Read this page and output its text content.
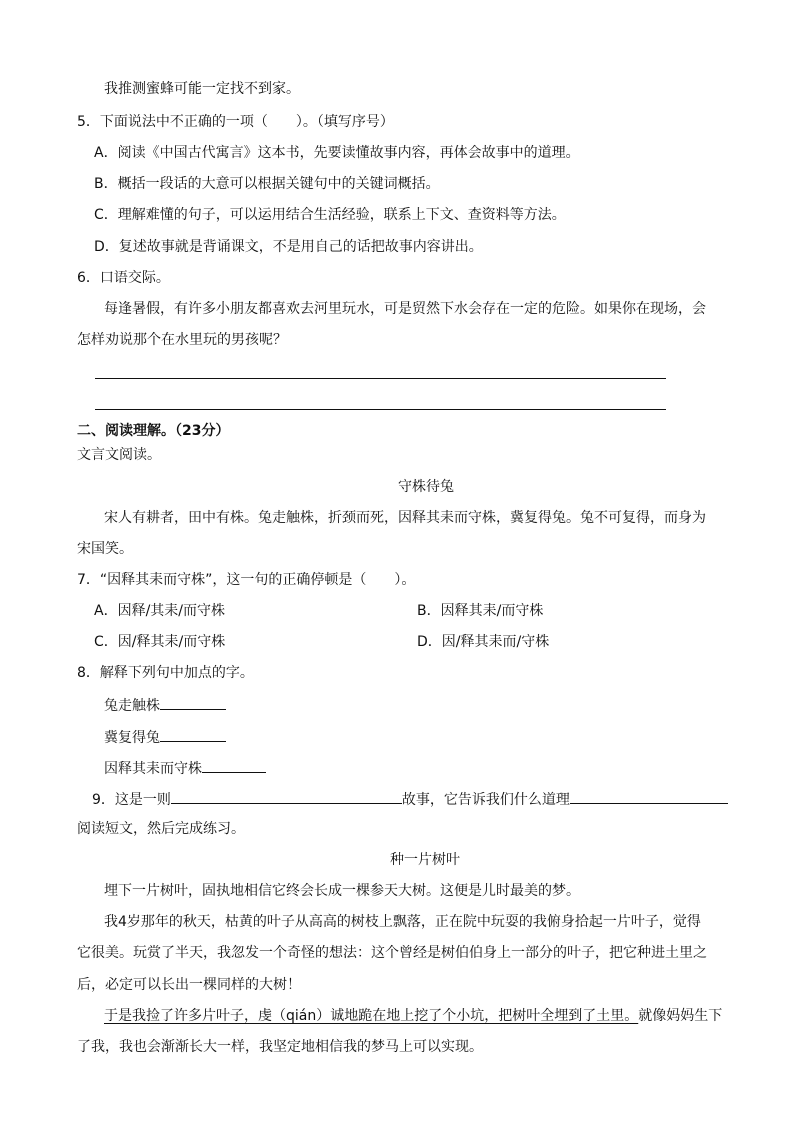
我推测蜜蜂可能一定找不到家。
5．下面说法中不正确的一项（　　）。（填写序号）
A．阅读《中国古代寓言》这本书，先要读懂故事内容，再体会故事中的道理。
B．概括一段话的大意可以根据关键句中的关键词概括。
C．理解难懂的句子，可以运用结合生活经验，联系上下文、查资料等方法。
D．复述故事就是背诵课文，不是用自己的话把故事内容讲出。
6．口语交际。
每逢暑假，有许多小朋友都喜欢去河里玩水，可是贸然下水会存在一定的危险。如果你在现场，会
怎样劝说那个在水里玩的男孩呢？
二、阅读理解。（23分）
文言文阅读。
守株待兔
宋人有耕者，田中有株。兔走触株，折颈而死，因释其耒而守株，冀复得兔。兔不可复得，而身为
宋国笑。
7．“因释其耒而守株”，这一句的正确停顿是（　　）。
A．因释/其耒/而守株	B．因释其耒/而守株
C．因/释其耒/而守株	D．因/释其耒而/守株
8．解释下列句中加点的字。
兔走触株
冀复得兔
因释其耒而守株
9．这是一则	故事，它告诉我们什么道理
阅读短文，然后完成练习。
种一片树叶
埋下一片树叶，固执地相信它终会长成一棵参天大树。这便是儿时最美的梦。
我4岁那年的秋天，枯黄的叶子从高高的树枝上飘落，正在院中玩耍的我俯身拾起一片叶子，觉得
它很美。玩赏了半天，我忽发一个奇怪的想法：这个曾经是树伯伯身上一部分的叶子，把它种进土里之
后，必定可以长出一棵同样的大树！
于是我捡了许多片叶子，虔（qián）诚地跪在地上挖了个小坑，把树叶全埋到了土里。就像妈妈生下
了我，我也会渐渐长大一样，我坚定地相信我的梦马上可以实现。
